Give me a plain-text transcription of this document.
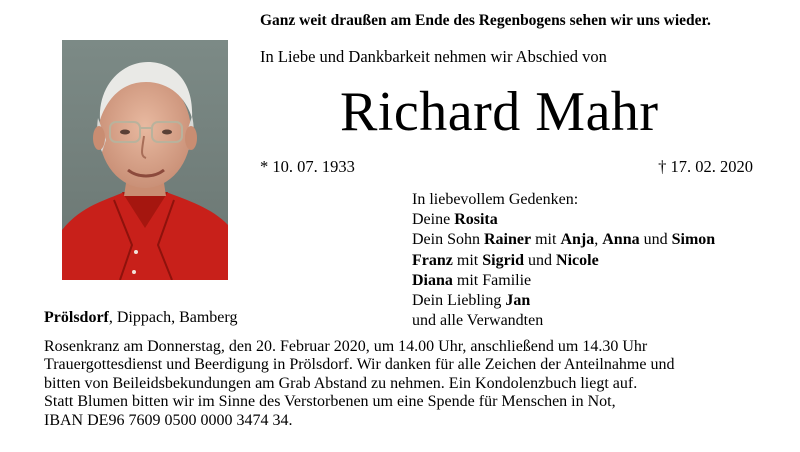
Ganz weit draußen am Ende des Regenbogens sehen wir uns wieder.
In Liebe und Dankbarkeit nehmen wir Abschied von
Richard Mahr
* 10. 07. 1933	† 17. 02. 2020
In liebevollem Gedenken:
Deine Rosita
Dein Sohn Rainer mit Anja, Anna und Simon
Franz mit Sigrid und Nicole
Diana mit Familie
Dein Liebling Jan
und alle Verwandten
Prölsdorf, Dippach, Bamberg
Rosenkranz am Donnerstag, den 20. Februar 2020, um 14.00 Uhr, anschließend um 14.30 Uhr
Trauergottesdienst und Beerdigung in Prölsdorf. Wir danken für alle Zeichen der Anteilnahme und
bitten von Beileidsbekundungen am Grab Abstand zu nehmen. Ein Kondolenzbuch liegt auf.
Statt Blumen bitten wir im Sinne des Verstorbenen um eine Spende für Menschen in Not,
IBAN DE96 7609 0500 0000 3474 34.
